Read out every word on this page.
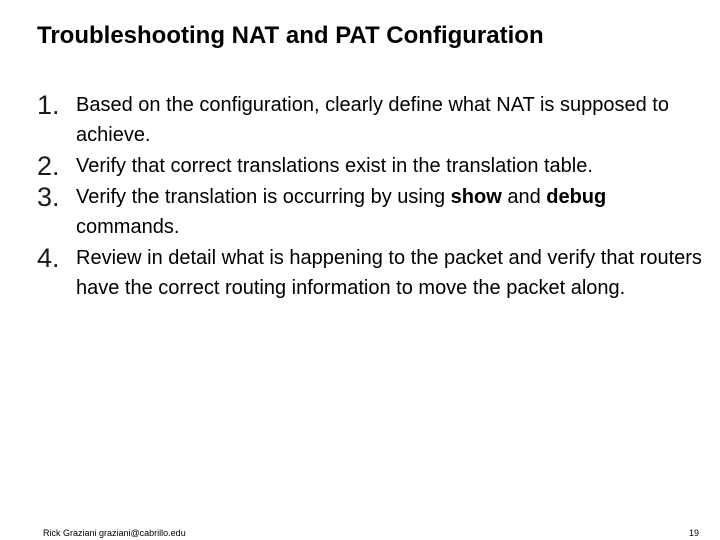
Troubleshooting NAT and PAT Configuration
1. Based on the configuration, clearly define what NAT is supposed to achieve.
2. Verify that correct translations exist in the translation table.
3. Verify the translation is occurring by using show and debug commands.
4. Review in detail what is happening to the packet and verify that routers have the correct routing information to move the packet along.
Rick Graziani graziani@cabrillo.edu	19
